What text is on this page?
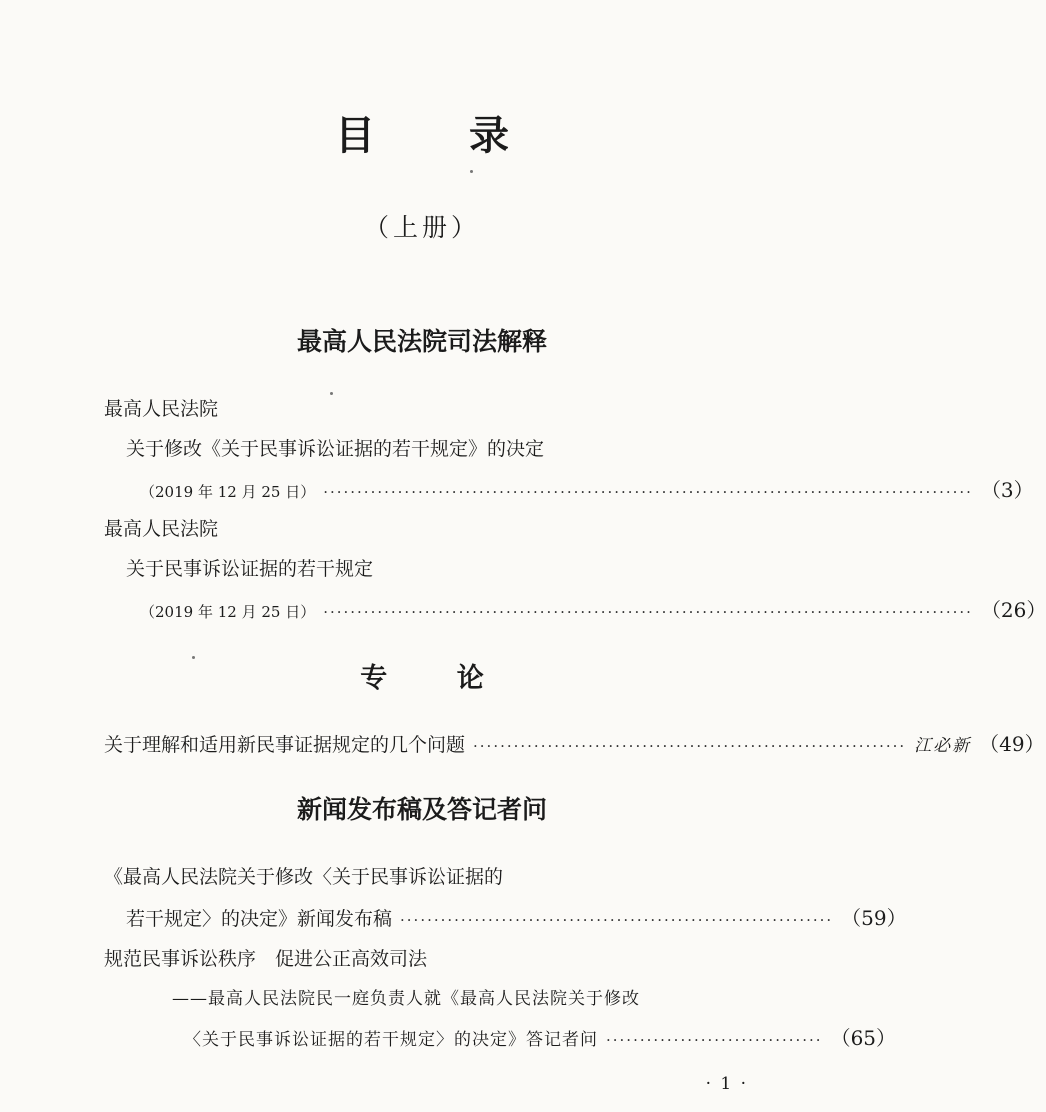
目 录
（上册）
最高人民法院司法解释
最高人民法院
关于修改《关于民事诉讼证据的若干规定》的决定
（2019 年 12 月 25 日） ································································································ （3）
最高人民法院
关于民事诉讼证据的若干规定
（2019 年 12 月 25 日） ································································································ （26）
专 论
关于理解和适用新民事证据规定的几个问题 ································································ 江必新 （49）
新闻发布稿及答记者问
《最高人民法院关于修改〈关于民事诉讼证据的
若干规定〉的决定》新闻发布稿 ································································ （59）
规范民事诉讼秩序　促进公正高效司法
——最高人民法院民一庭负责人就《最高人民法院关于修改
〈关于民事诉讼证据的若干规定〉的决定》答记者问 ································ （65）
· 1 ·
